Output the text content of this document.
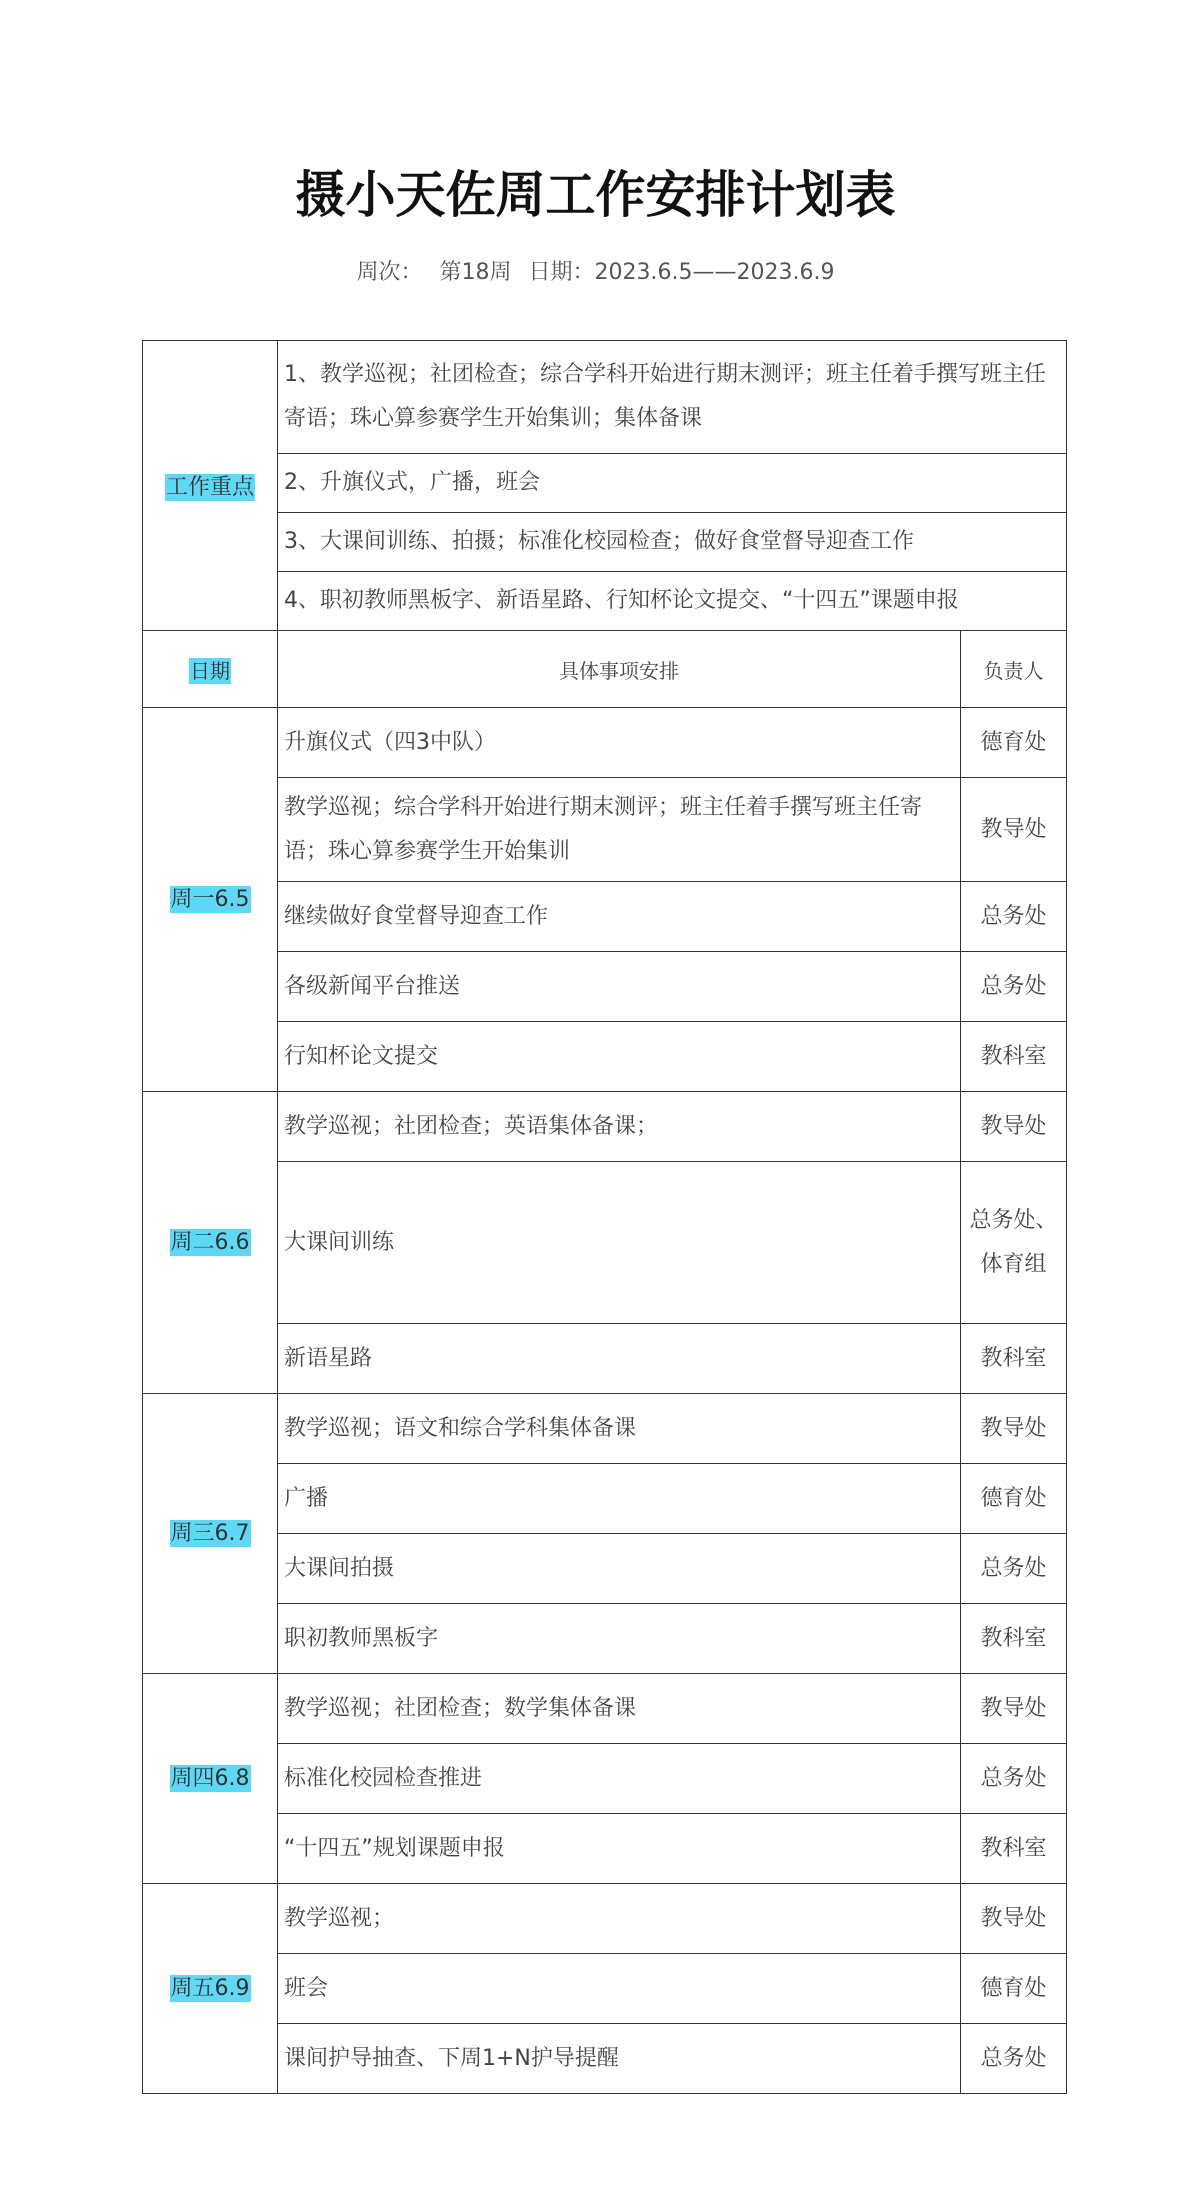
摄小天佐周工作安排计划表
周次： 第18周 日期：2023.6.5——2023.6.9
工作重点	1、教学巡视；社团检查；综合学科开始进行期末测评；班主任着手撰写班主任寄语；珠心算参赛学生开始集训；集体备课	
	2、升旗仪式，广播，班会	
	3、大课间训练、拍摄；标准化校园检查；做好食堂督导迎查工作	
	4、职初教师黑板字、新语星路、行知杯论文提交、“十四五”课题申报	
日期	具体事项安排	负责人
周一6.5	升旗仪式（四3中队）	德育处
	教学巡视；综合学科开始进行期末测评；班主任着手撰写班主任寄语；珠心算参赛学生开始集训	教导处
	继续做好食堂督导迎查工作	总务处
	各级新闻平台推送	总务处
	行知杯论文提交	教科室
周二6.6	教学巡视；社团检查；英语集体备课；	教导处
	大课间训练	总务处、体育组
	新语星路	教科室
周三6.7	教学巡视；语文和综合学科集体备课	教导处
	广播	德育处
	大课间拍摄	总务处
	职初教师黑板字	教科室
周四6.8	教学巡视；社团检查；数学集体备课	教导处
	标准化校园检查推进	总务处
	“十四五”规划课题申报	教科室
周五6.9	教学巡视；	教导处
	班会	德育处
	课间护导抽查、下周1+N护导提醒	总务处
